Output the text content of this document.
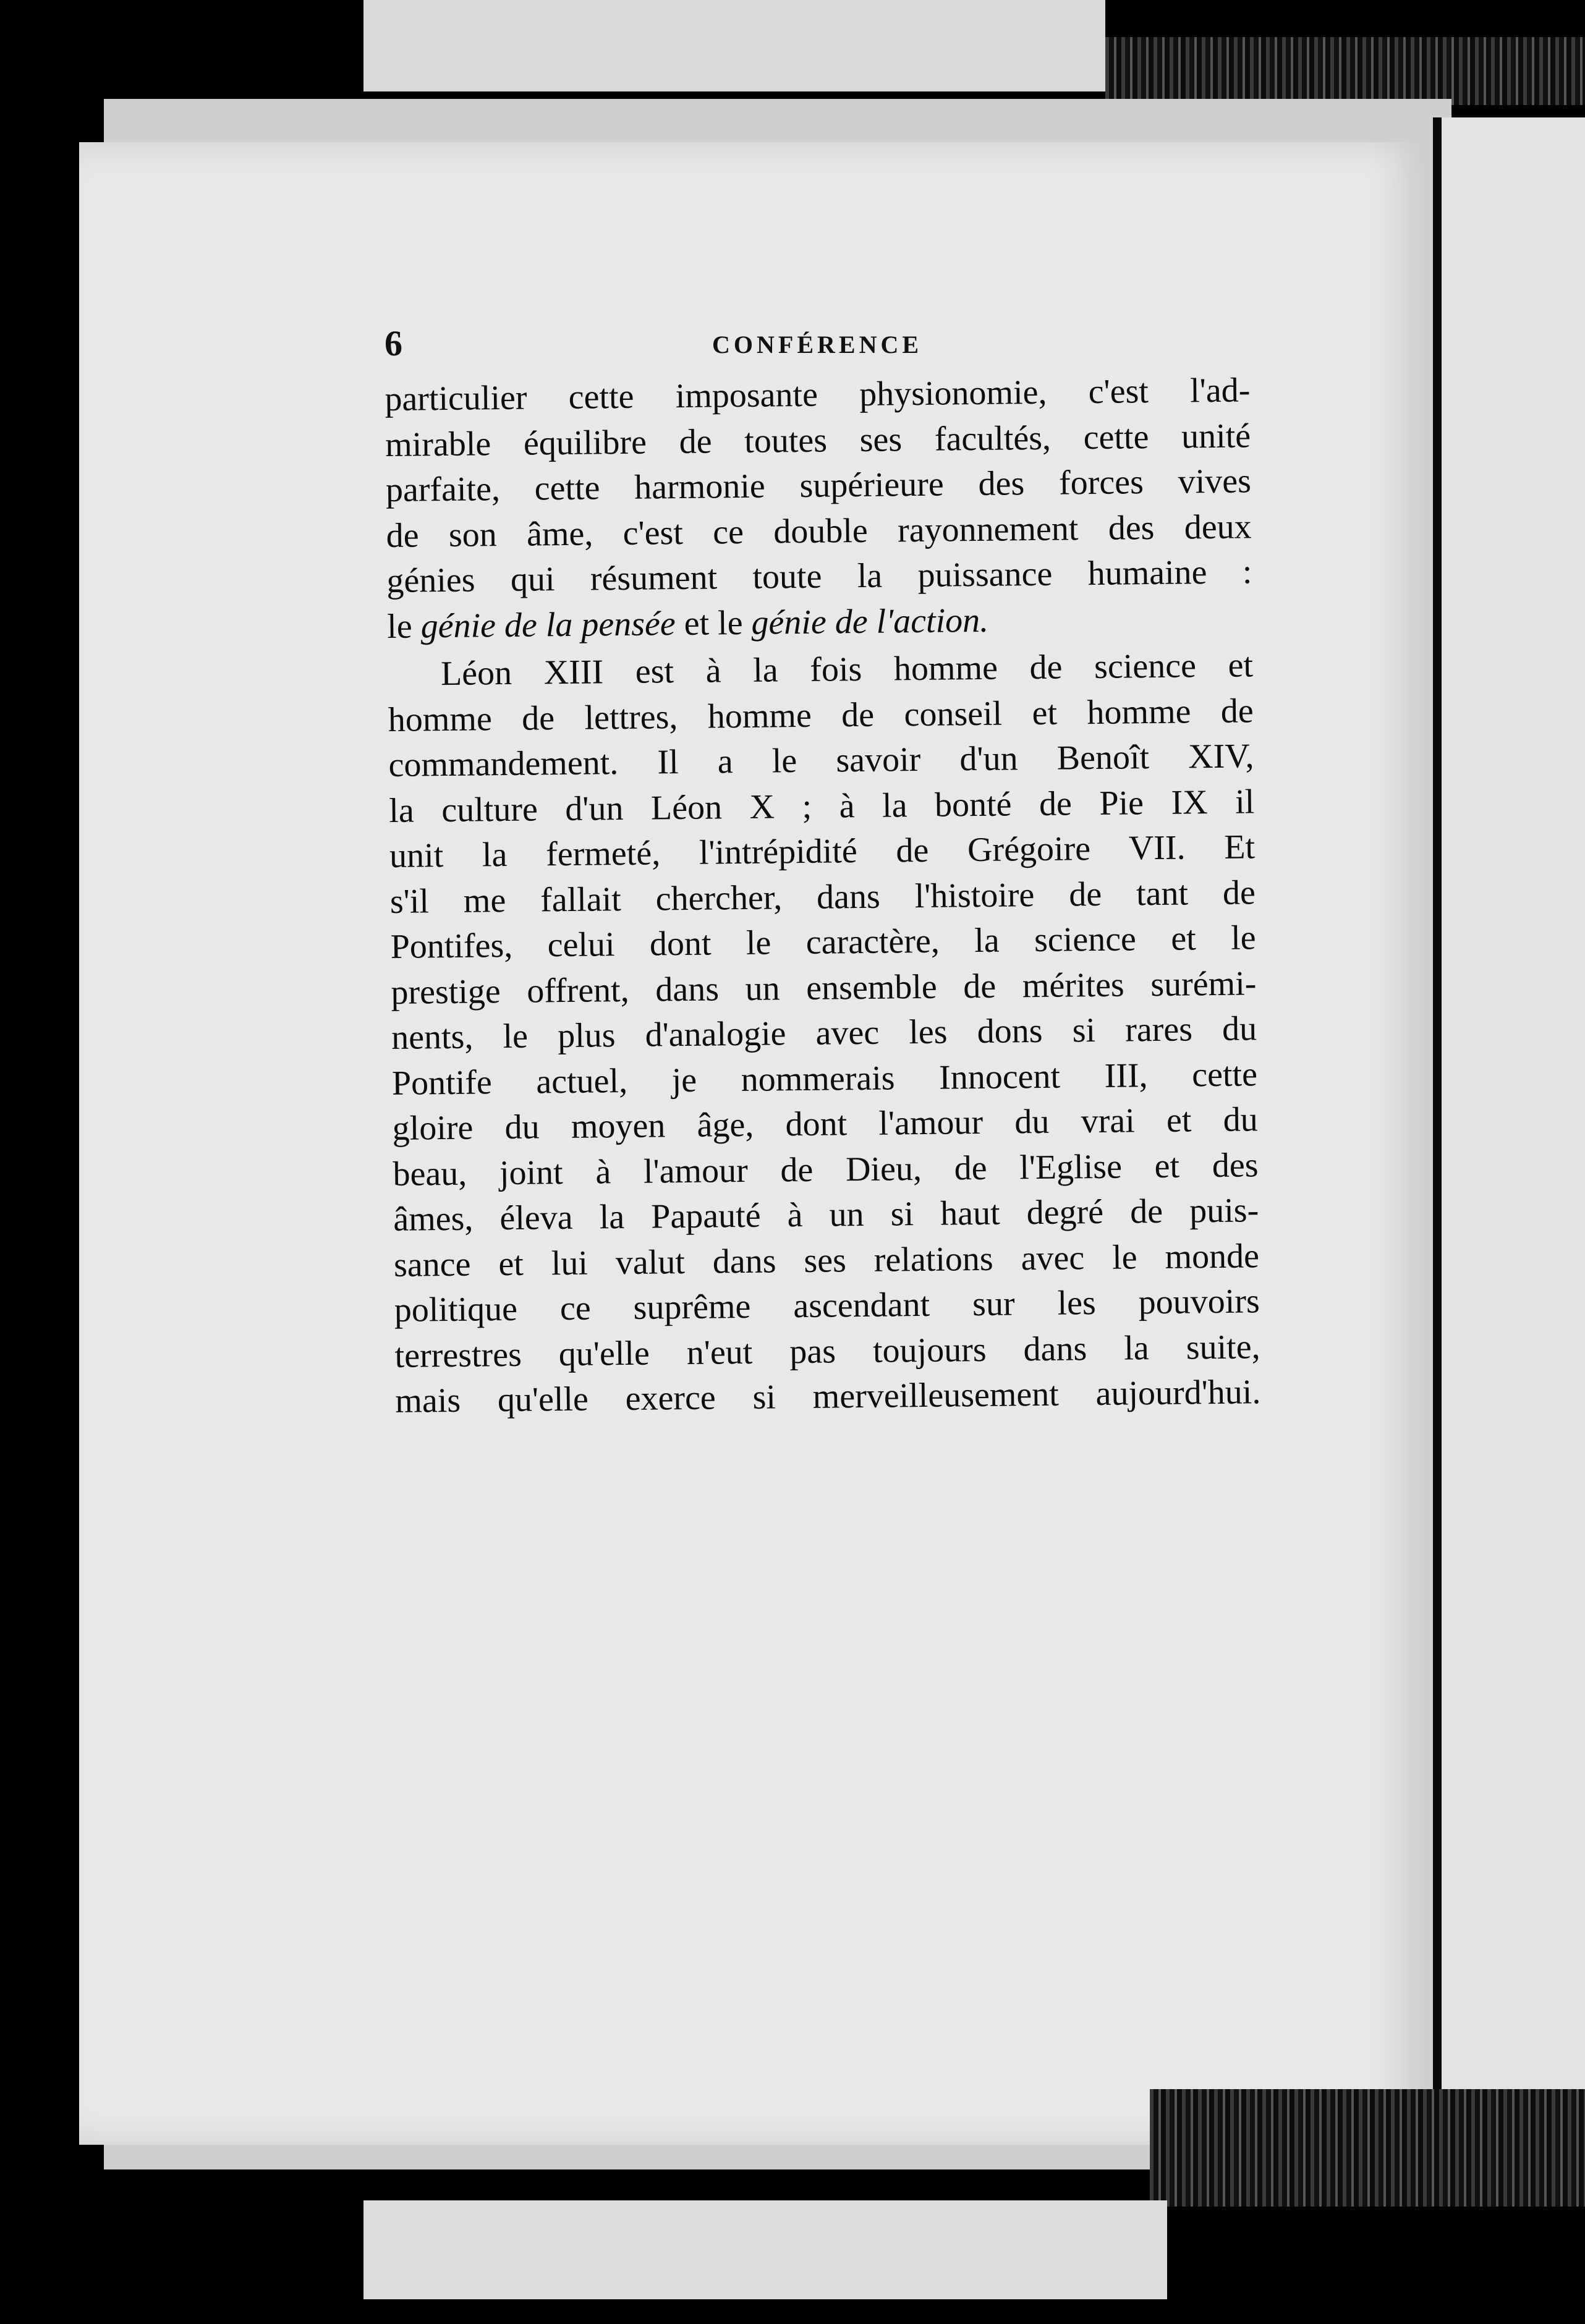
6	CONFÉRENCE
particulier cette imposante physionomie, c'est l'ad-
mirable équilibre de toutes ses facultés, cette unité
parfaite, cette harmonie supérieure des forces vives
de son âme, c'est ce double rayonnement des deux
génies qui résument toute la puissance humaine :
le génie de la pensée et le génie de l'action.
Léon XIII est à la fois homme de science et
homme de lettres, homme de conseil et homme de
commandement. Il a le savoir d'un Benoît XIV,
la culture d'un Léon X ; à la bonté de Pie IX il
unit la fermeté, l'intrépidité de Grégoire VII. Et
s'il me fallait chercher, dans l'histoire de tant de
Pontifes, celui dont le caractère, la science et le
prestige offrent, dans un ensemble de mérites surémi-
nents, le plus d'analogie avec les dons si rares du
Pontife actuel, je nommerais Innocent III, cette
gloire du moyen âge, dont l'amour du vrai et du
beau, joint à l'amour de Dieu, de l'Eglise et des
âmes, éleva la Papauté à un si haut degré de puis-
sance et lui valut dans ses relations avec le monde
politique ce suprême ascendant sur les pouvoirs
terrestres qu'elle n'eut pas toujours dans la suite,
mais qu'elle exerce si merveilleusement aujourd'hui.
